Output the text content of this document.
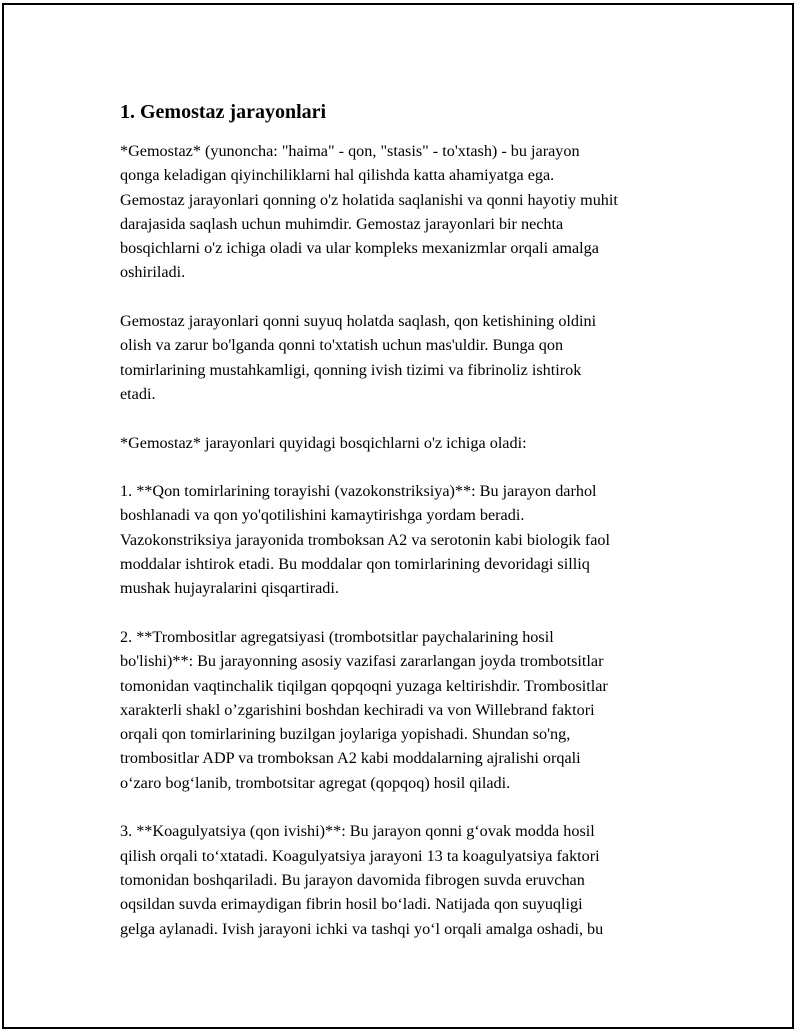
1. Gemostaz jarayonlari

*Gemostaz* (yunoncha: "haima" - qon, "stasis" - to'xtash) - bu jarayon
qonga keladigan qiyinchiliklarni hal qilishda katta ahamiyatga ega.
Gemostaz jarayonlari qonning o'z holatida saqlanishi va qonni hayotiy muhit
darajasida saqlash uchun muhimdir. Gemostaz jarayonlari bir nechta
bosqichlarni o'z ichiga oladi va ular kompleks mexanizmlar orqali amalga
oshiriladi.

Gemostaz jarayonlari qonni suyuq holatda saqlash, qon ketishining oldini
olish va zarur bo'lganda qonni to'xtatish uchun mas'uldir. Bunga qon
tomirlarining mustahkamligi, qonning ivish tizimi va fibrinoliz ishtirok
etadi.

*Gemostaz* jarayonlari quyidagi bosqichlarni o'z ichiga oladi:

1. **Qon tomirlarining torayishi (vazokonstriksiya)**: Bu jarayon darhol
boshlanadi va qon yo'qotilishini kamaytirishga yordam beradi.
Vazokonstriksiya jarayonida tromboksan A2 va serotonin kabi biologik faol
moddalar ishtirok etadi. Bu moddalar qon tomirlarining devoridagi silliq
mushak hujayralarini qisqartiradi.

2. **Trombositlar agregatsiyasi (trombotsitlar paychalarining hosil
bo'lishi)**: Bu jarayonning asosiy vazifasi zararlangan joyda trombotsitlar
tomonidan vaqtinchalik tiqilgan qopqoqni yuzaga keltirishdir. Trombositlar
xarakterli shakl o’zgarishini boshdan kechiradi va von Willebrand faktori
orqali qon tomirlarining buzilgan joylariga yopishadi. Shundan so'ng,
trombositlar ADP va tromboksan A2 kabi moddalarning ajralishi orqali
o‘zaro bog‘lanib, trombotsitar agregat (qopqoq) hosil qiladi.

3. **Koagulyatsiya (qon ivishi)**: Bu jarayon qonni g‘ovak modda hosil
qilish orqali to‘xtatadi. Koagulyatsiya jarayoni 13 ta koagulyatsiya faktori
tomonidan boshqariladi. Bu jarayon davomida fibrogen suvda eruvchan
oqsildan suvda erimaydigan fibrin hosil bo‘ladi. Natijada qon suyuqligi
gelga aylanadi. Ivish jarayoni ichki va tashqi yo‘l orqali amalga oshadi, bu
